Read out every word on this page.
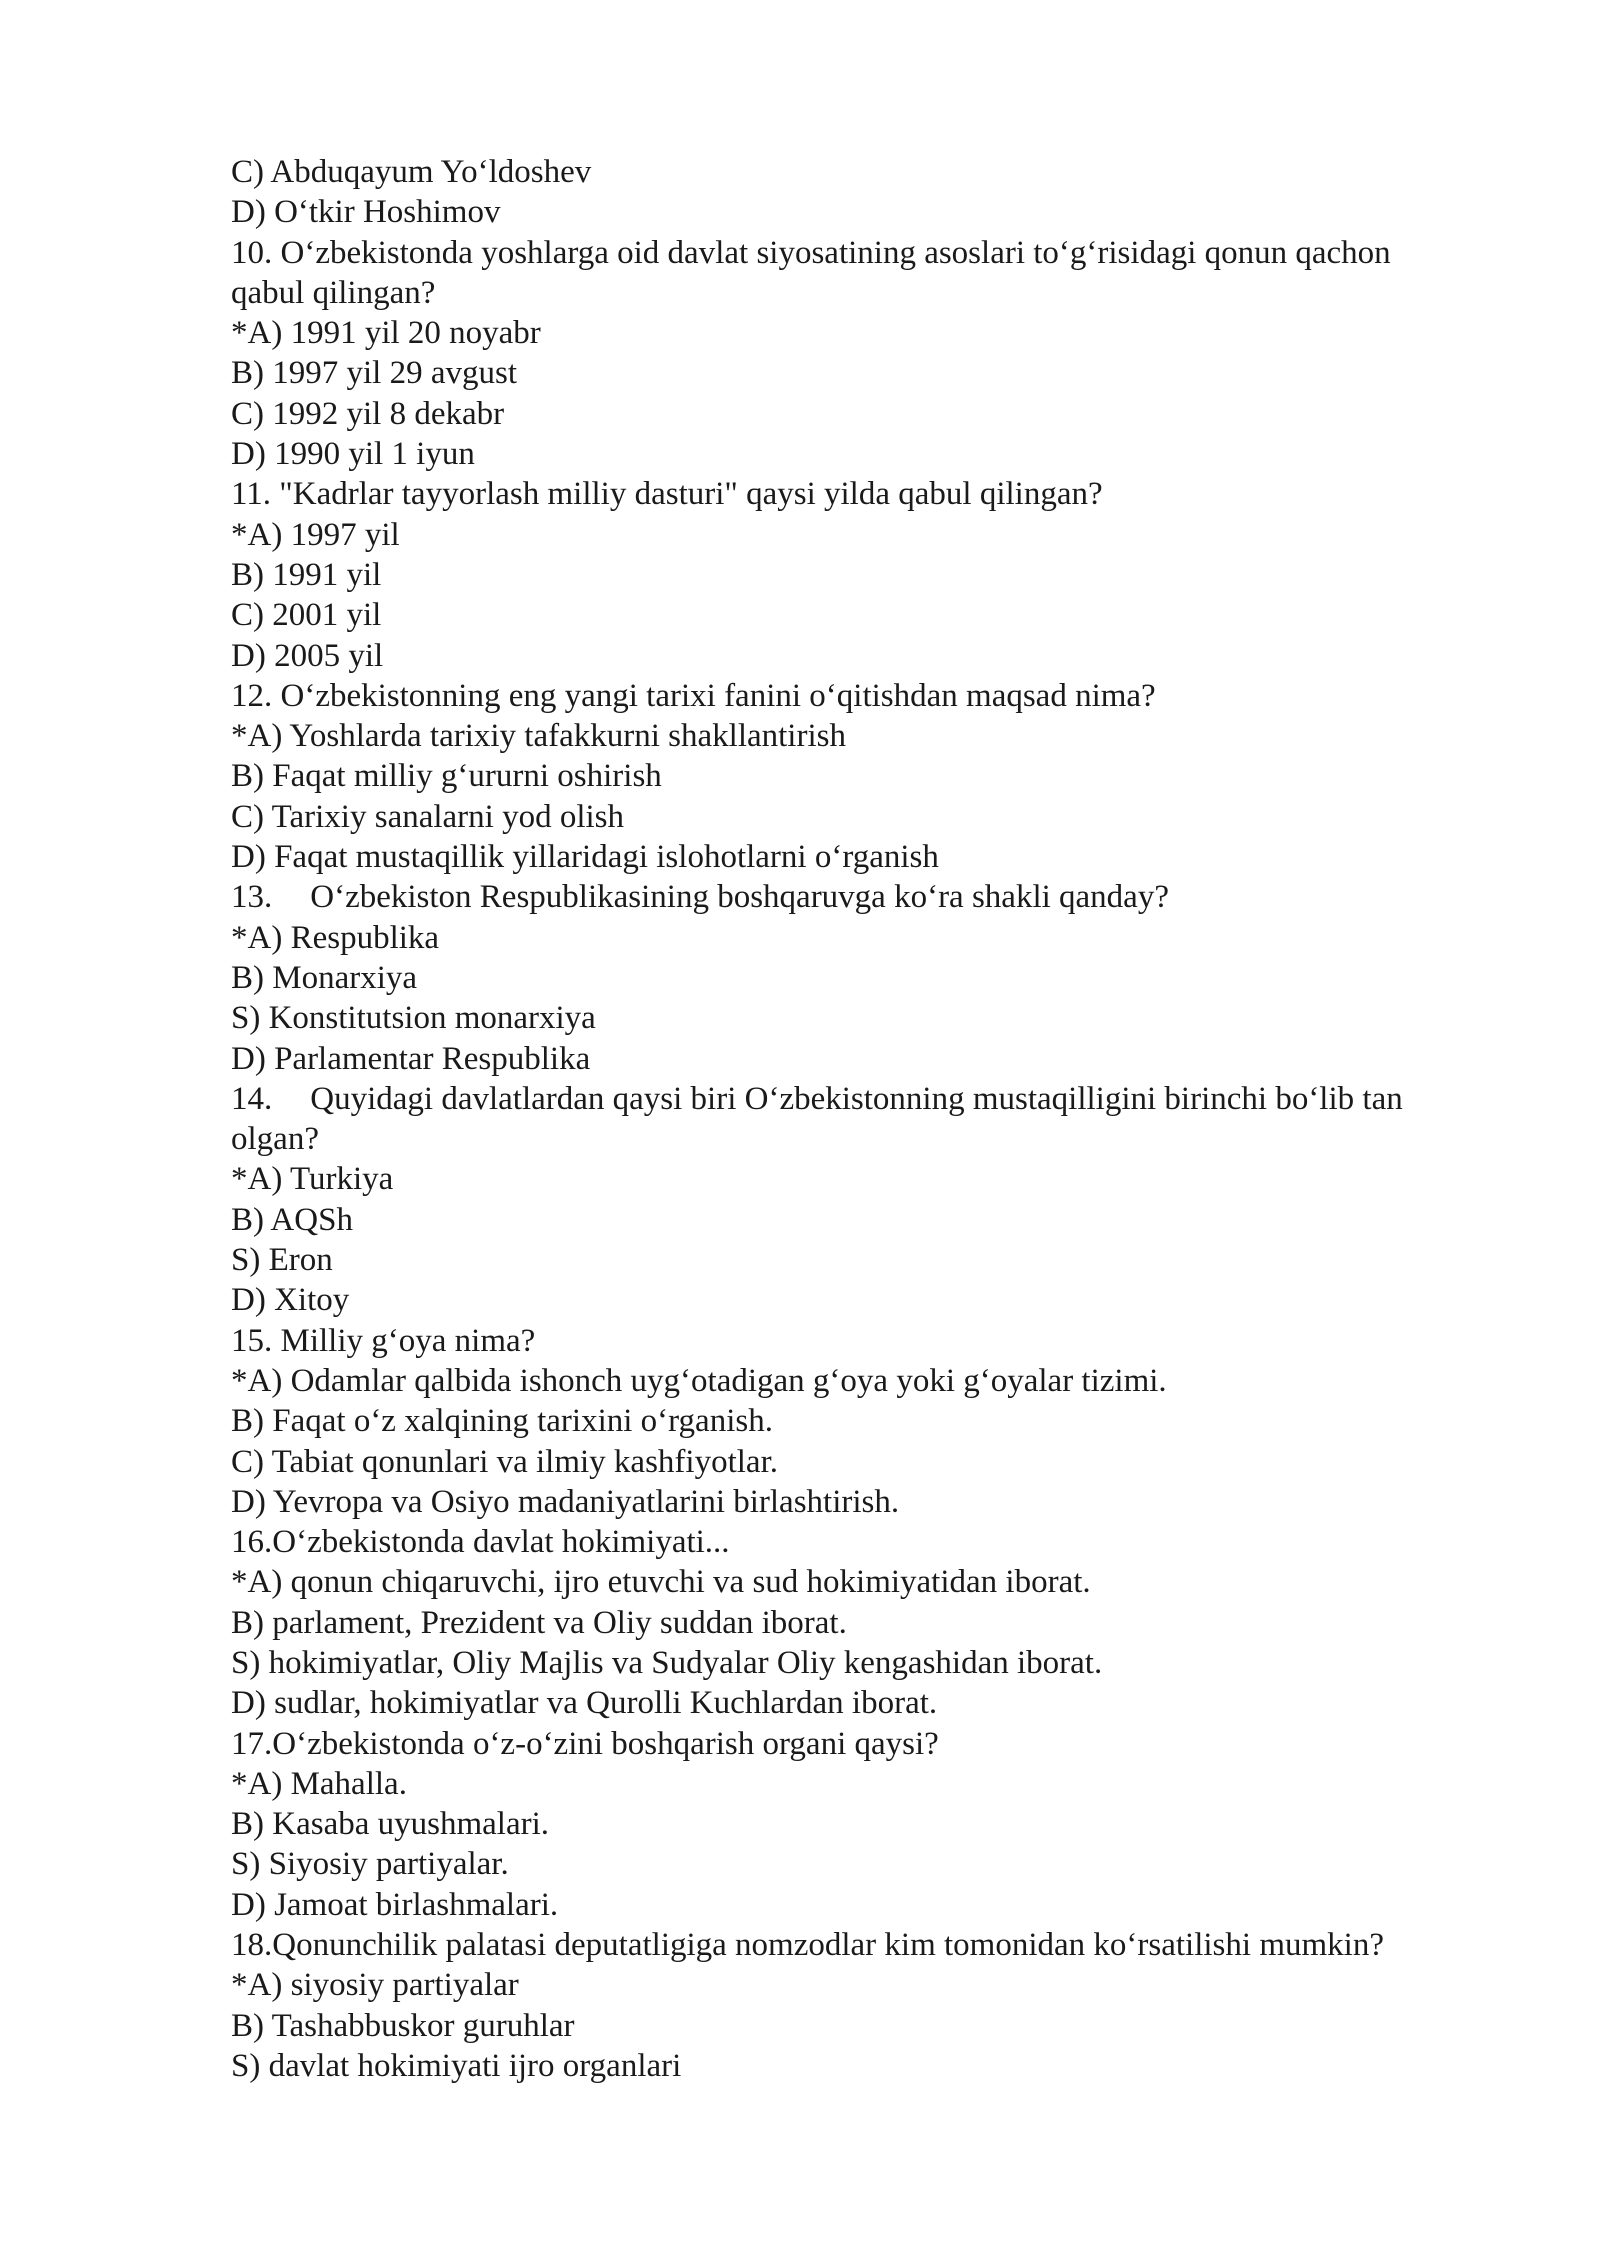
C) Abduqayum Yo‘ldoshev

D) O‘tkir Hoshimov

10. O‘zbekistonda yoshlarga oid davlat siyosatining asoslari to‘g‘risidagi qonun qachon

qabul qilingan?

*A) 1991 yil 20 noyabr

B) 1997 yil 29 avgust

C) 1992 yil 8 dekabr

D) 1990 yil 1 iyun

11. "Kadrlar tayyorlash milliy dasturi" qaysi yilda qabul qilingan?

*A) 1997 yil

B) 1991 yil

C) 2001 yil

D) 2005 yil

12. O‘zbekistonning eng yangi tarixi fanini o‘qitishdan maqsad nima?

*A) Yoshlarda tarixiy tafakkurni shakllantirish

B) Faqat milliy g‘ururni oshirish

C) Tarixiy sanalarni yod olish

D) Faqat mustaqillik yillaridagi islohotlarni o‘rganish

13. O‘zbekiston Respublikasining boshqaruvga ko‘ra shakli qanday?

*A) Respublika

B) Monarxiya

S) Konstitutsion monarxiya

D) Parlamentar Respublika

14. Quyidagi davlatlardan qaysi biri O‘zbekistonning mustaqilligini birinchi bo‘lib tan

olgan?

*A) Turkiya

B) AQSh

S) Eron

D) Xitoy

15. Milliy g‘oya nima?

*A) Odamlar qalbida ishonch uyg‘otadigan g‘oya yoki g‘oyalar tizimi.

B) Faqat o‘z xalqining tarixini o‘rganish.

C) Tabiat qonunlari va ilmiy kashfiyotlar.

D) Yevropa va Osiyo madaniyatlarini birlashtirish.

16.O‘zbekistonda davlat hokimiyati...

*A) qonun chiqaruvchi, ijro etuvchi va sud hokimiyatidan iborat.

B) parlament, Prezident va Oliy suddan iborat.

S) hokimiyatlar, Oliy Majlis va Sudyalar Oliy kengashidan iborat.

D) sudlar, hokimiyatlar va Qurolli Kuchlardan iborat.

17.O‘zbekistonda o‘z-o‘zini boshqarish organi qaysi?

*A) Mahalla.

B) Kasaba uyushmalari.

S) Siyosiy partiyalar.

D) Jamoat birlashmalari.

18.Qonunchilik palatasi deputatligiga nomzodlar kim tomonidan ko‘rsatilishi mumkin?

*A) siyosiy partiyalar

B) Tashabbuskor guruhlar

S) davlat hokimiyati ijro organlari
